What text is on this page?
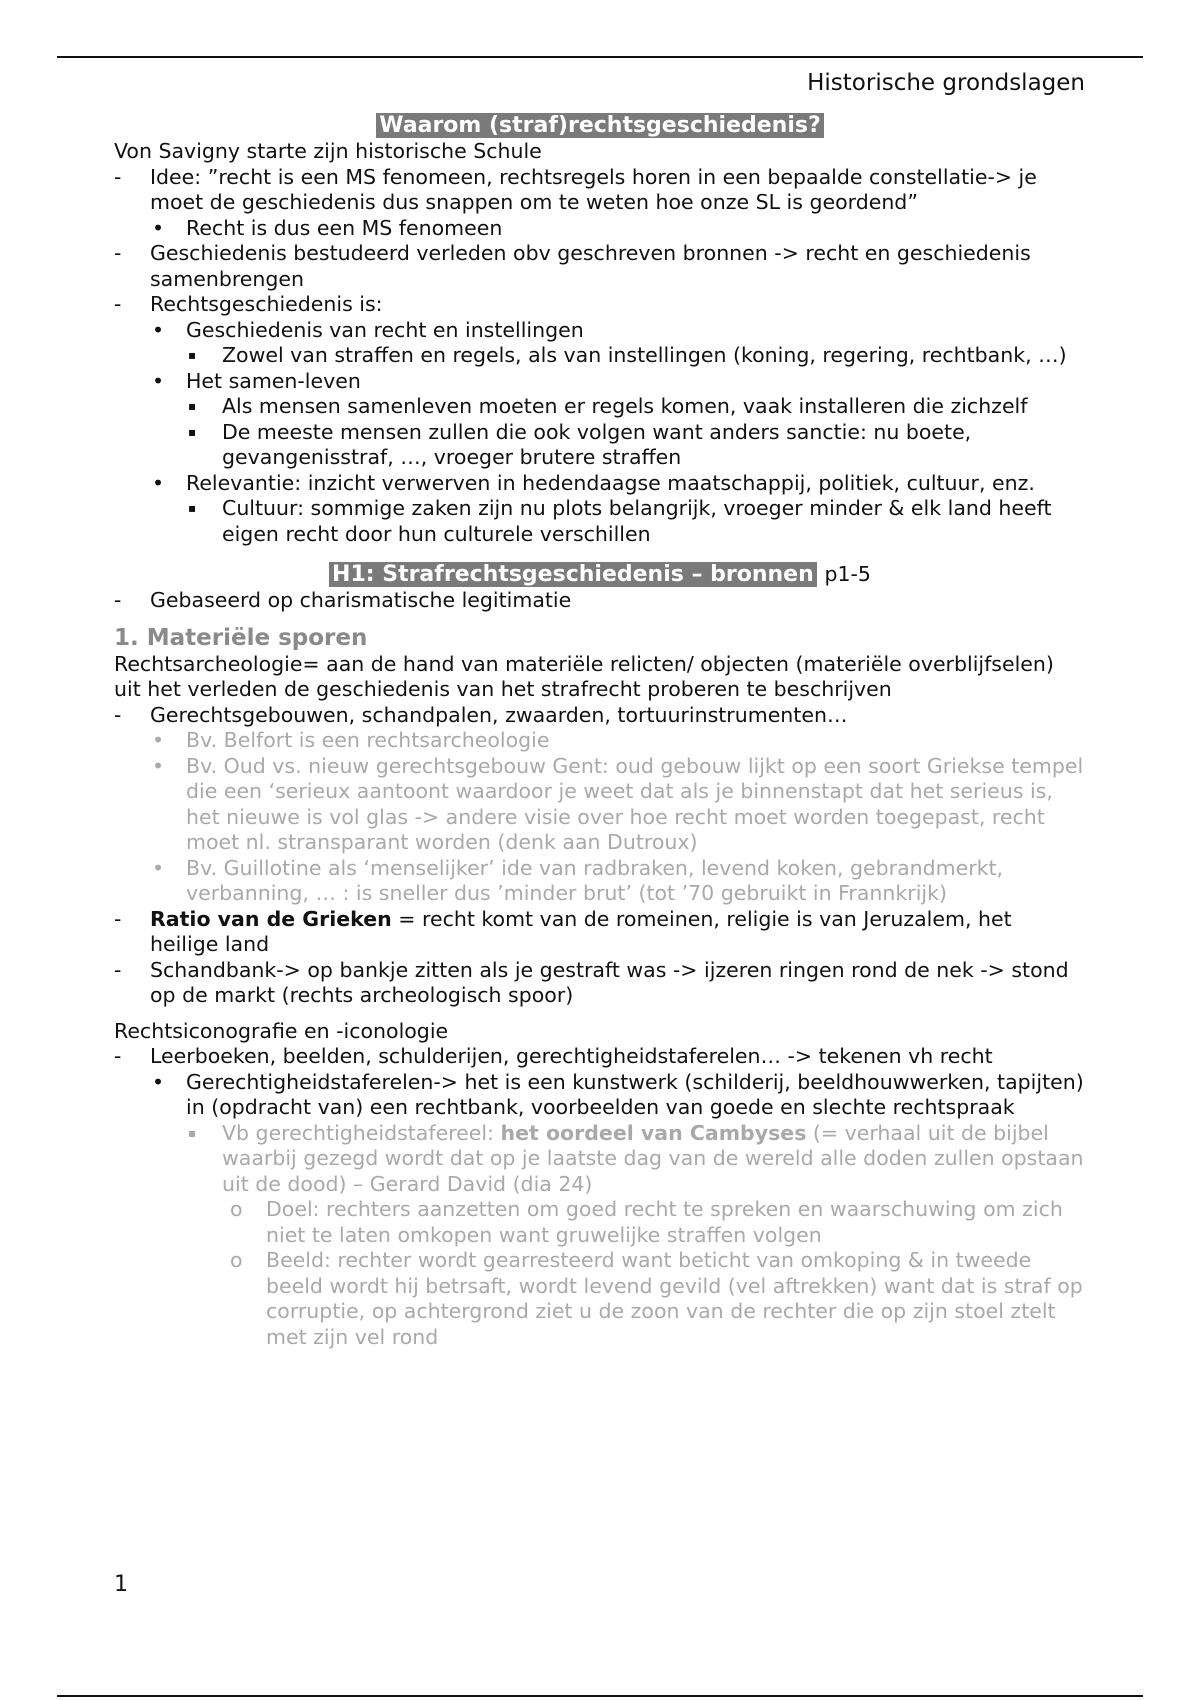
Historische grondslagen

Waarom (straf)rechtsgeschiedenis?

Von Savigny starte zijn historische Schule
- Idee: ”recht is een MS fenomeen, rechtsregels horen in een bepaalde constellatie-> je moet de geschiedenis dus snappen om te weten hoe onze SL is geordend”
• Recht is dus een MS fenomeen
- Geschiedenis bestudeerd verleden obv geschreven bronnen -> recht en geschiedenis samenbrengen
- Rechtsgeschiedenis is:
• Geschiedenis van recht en instellingen
▪ Zowel van straffen en regels, als van instellingen (koning, regering, rechtbank, …)
• Het samen-leven
▪ Als mensen samenleven moeten er regels komen, vaak installeren die zichzelf
▪ De meeste mensen zullen die ook volgen want anders sanctie: nu boete, gevangenisstraf, …, vroeger brutere straffen
• Relevantie: inzicht verwerven in hedendaagse maatschappij, politiek, cultuur, enz.
▪ Cultuur: sommige zaken zijn nu plots belangrijk, vroeger minder & elk land heeft eigen recht door hun culturele verschillen

H1: Strafrechtsgeschiedenis – bronnen p1-5

- Gebaseerd op charismatische legitimatie
1. Materiële sporen
Rechtsarcheologie= aan de hand van materiële relicten/ objecten (materiële overblijfselen) uit het verleden de geschiedenis van het strafrecht proberen te beschrijven
- Gerechtsgebouwen, schandpalen, zwaarden, tortuurinstrumenten…
• Bv. Belfort is een rechtsarcheologie
• Bv. Oud vs. nieuw gerechtsgebouw Gent: oud gebouw lijkt op een soort Griekse tempel die een ‘serieux aantoont waardoor je weet dat als je binnenstapt dat het serieus is, het nieuwe is vol glas -> andere visie over hoe recht moet worden toegepast, recht moet nl. stransparant worden (denk aan Dutroux)
• Bv. Guillotine als ‘menselijker’ ide van radbraken, levend koken, gebrandmerkt, verbanning, … : is sneller dus ’minder brut’ (tot ’70 gebruikt in Frannkrijk)
- Ratio van de Grieken = recht komt van de romeinen, religie is van Jeruzalem, het heilige land
- Schandbank-> op bankje zitten als je gestraft was -> ijzeren ringen rond de nek -> stond op de markt (rechts archeologisch spoor)
Rechtsiconografie en -iconologie
- Leerboeken, beelden, schulderijen, gerechtigheidstaferelen… -> tekenen vh recht
• Gerechtigheidstaferelen-> het is een kunstwerk (schilderij, beeldhouwwerken, tapijten) in (opdracht van) een rechtbank, voorbeelden van goede en slechte rechtspraak
▪ Vb gerechtigheidstafereel: het oordeel van Cambyses (= verhaal uit de bijbel waarbij gezegd wordt dat op je laatste dag van de wereld alle doden zullen opstaan uit de dood) – Gerard David (dia 24)
o Doel: rechters aanzetten om goed recht te spreken en waarschuwing om zich niet te laten omkopen want gruwelijke straffen volgen
o Beeld: rechter wordt gearresteerd want beticht van omkoping & in tweede beeld wordt hij betrsaft, wordt levend gevild (vel aftrekken) want dat is straf op corruptie, op achtergrond ziet u de zoon van de rechter die op zijn stoel ztelt met zijn vel rond
1
